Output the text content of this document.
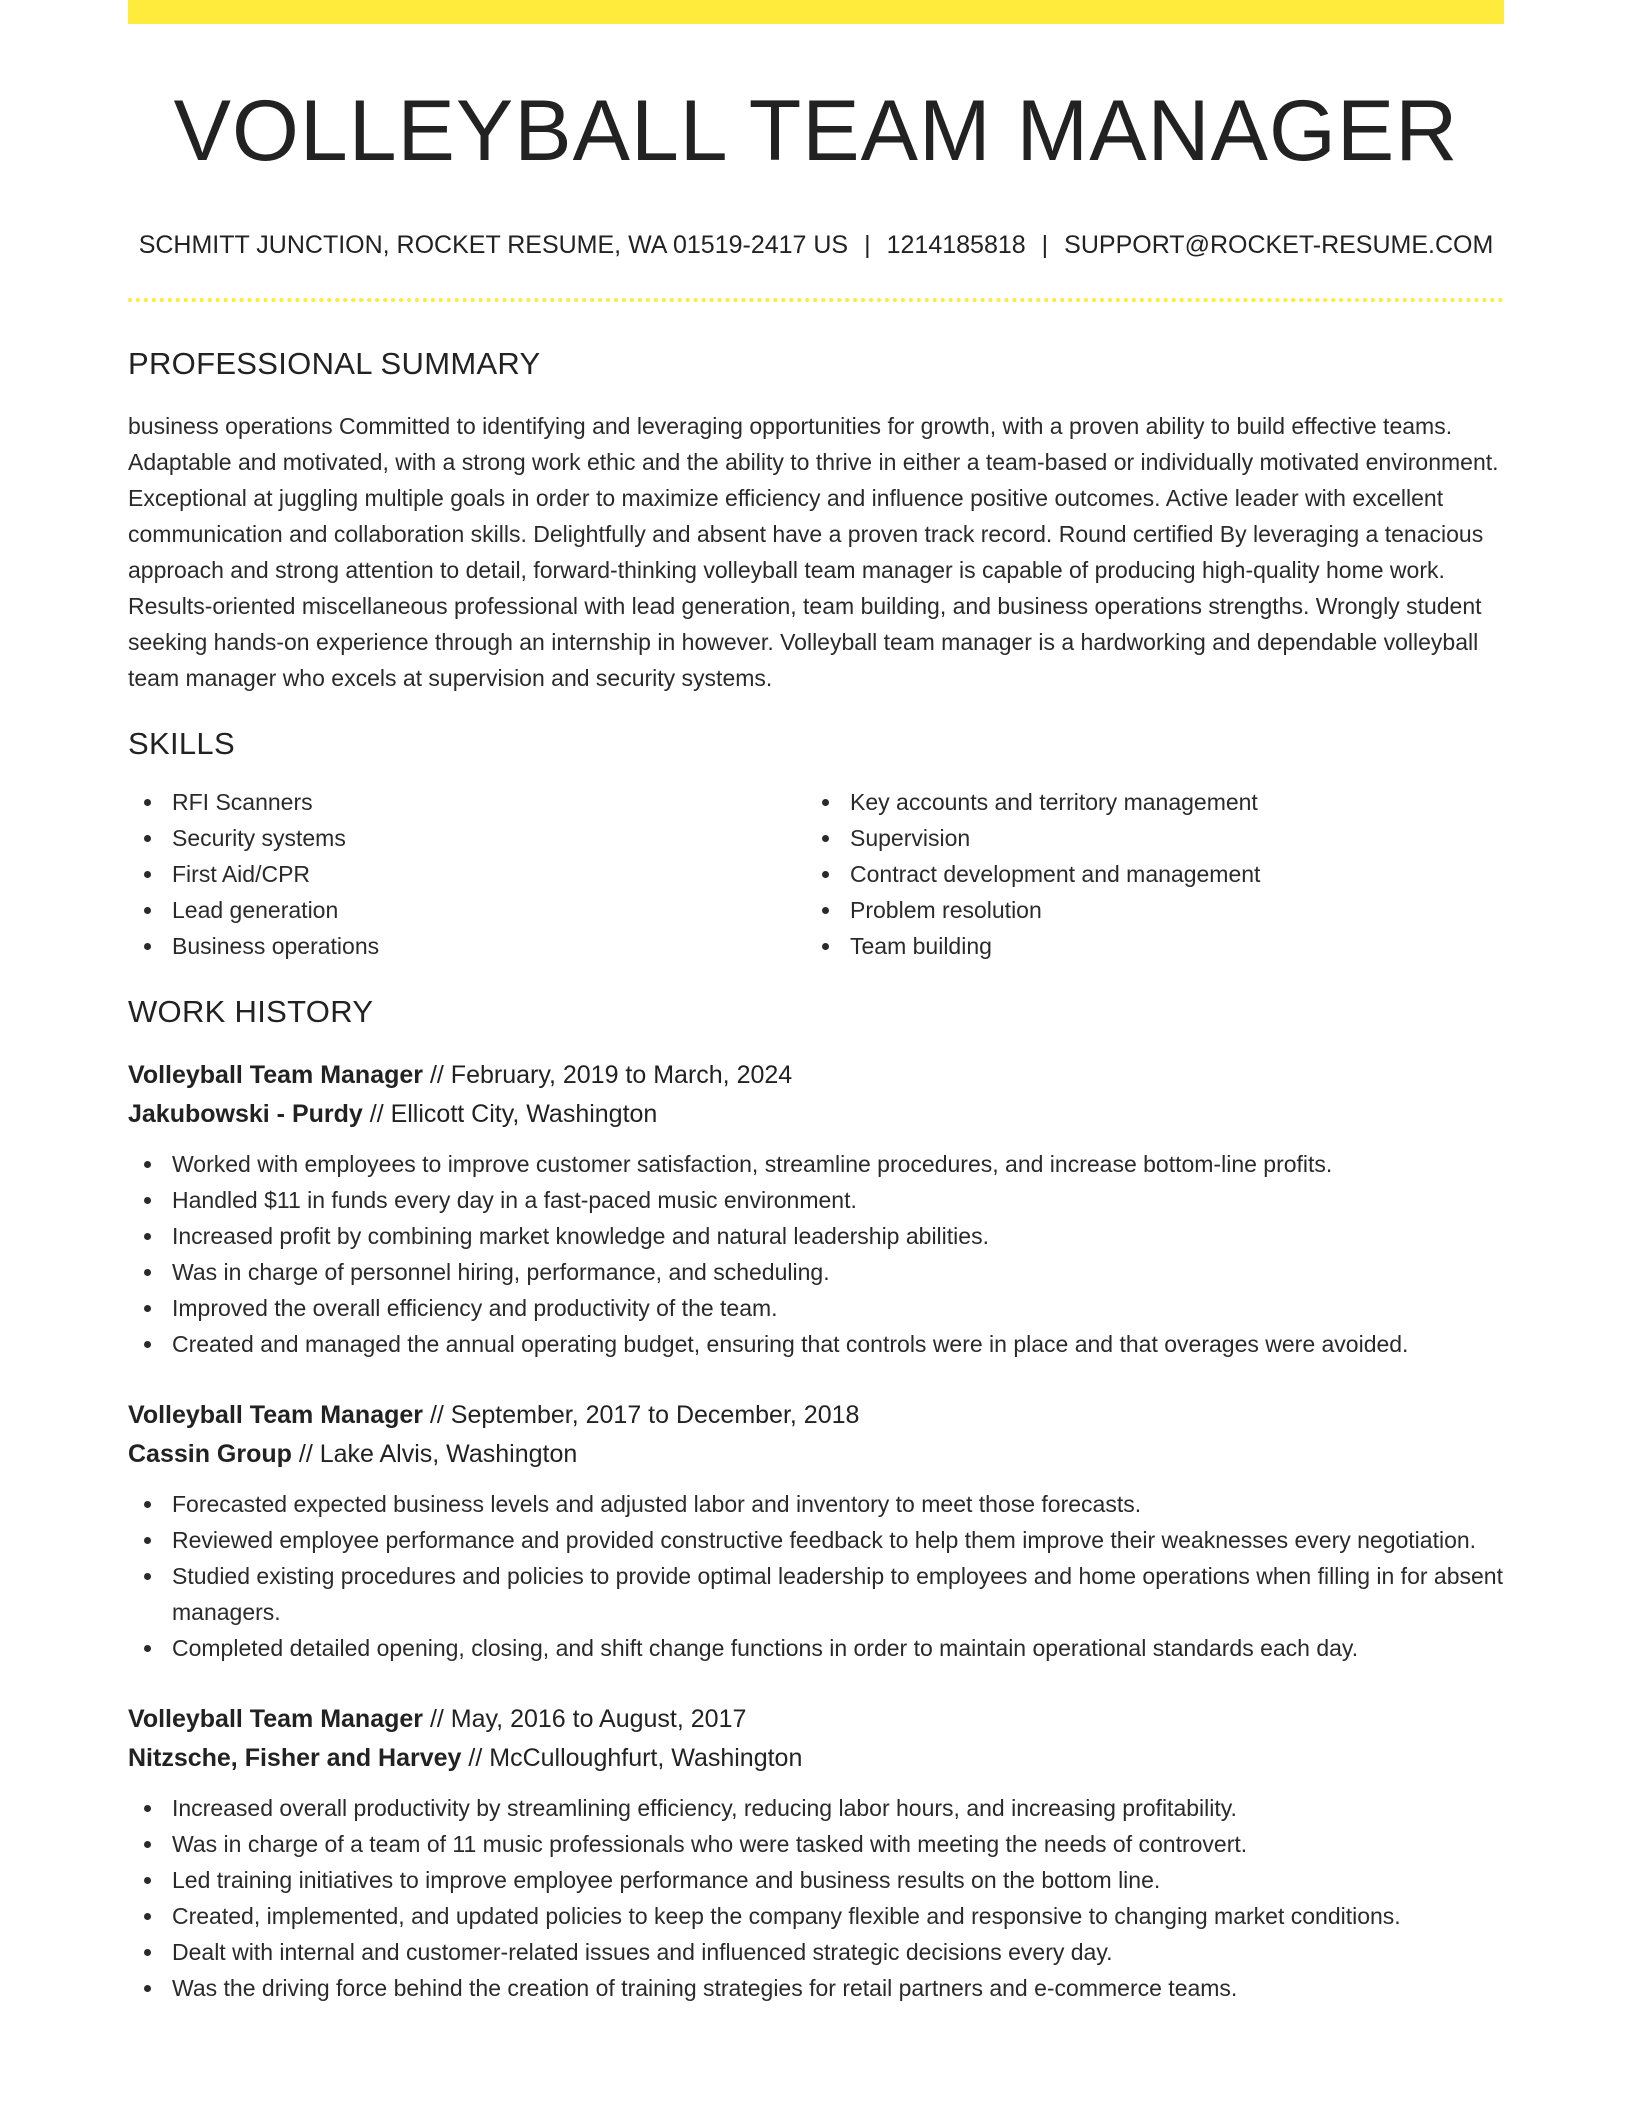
VOLLEYBALL TEAM MANAGER
SCHMITT JUNCTION, ROCKET RESUME, WA 01519-2417 US | 1214185818 | SUPPORT@ROCKET-RESUME.COM
PROFESSIONAL SUMMARY

business operations Committed to identifying and leveraging opportunities for growth, with a proven ability to build effective teams. Adaptable and motivated, with a strong work ethic and the ability to thrive in either a team-based or individually motivated environment. Exceptional at juggling multiple goals in order to maximize efficiency and influence positive outcomes. Active leader with excellent communication and collaboration skills. Delightfully and absent have a proven track record. Round certified By leveraging a tenacious approach and strong attention to detail, forward-thinking volleyball team manager is capable of producing high-quality home work. Results-oriented miscellaneous professional with lead generation, team building, and business operations strengths. Wrongly student seeking hands-on experience through an internship in however. Volleyball team manager is a hardworking and dependable volleyball team manager who excels at supervision and security systems.

SKILLS
RFI Scanners
Security systems
First Aid/CPR
Lead generation
Business operations
Key accounts and territory management
Supervision
Contract development and management
Problem resolution
Team building
WORK HISTORY
Volleyball Team Manager // February, 2019 to March, 2024
Jakubowski - Purdy // Ellicott City, Washington
Worked with employees to improve customer satisfaction, streamline procedures, and increase bottom-line profits.
Handled $11 in funds every day in a fast-paced music environment.
Increased profit by combining market knowledge and natural leadership abilities.
Was in charge of personnel hiring, performance, and scheduling.
Improved the overall efficiency and productivity of the team.
Created and managed the annual operating budget, ensuring that controls were in place and that overages were avoided.
Volleyball Team Manager // September, 2017 to December, 2018
Cassin Group // Lake Alvis, Washington
Forecasted expected business levels and adjusted labor and inventory to meet those forecasts.
Reviewed employee performance and provided constructive feedback to help them improve their weaknesses every negotiation.
Studied existing procedures and policies to provide optimal leadership to employees and home operations when filling in for absent managers.
Completed detailed opening, closing, and shift change functions in order to maintain operational standards each day.
Volleyball Team Manager // May, 2016 to August, 2017
Nitzsche, Fisher and Harvey // McCulloughfurt, Washington
Increased overall productivity by streamlining efficiency, reducing labor hours, and increasing profitability.
Was in charge of a team of 11 music professionals who were tasked with meeting the needs of controvert.
Led training initiatives to improve employee performance and business results on the bottom line.
Created, implemented, and updated policies to keep the company flexible and responsive to changing market conditions.
Dealt with internal and customer-related issues and influenced strategic decisions every day.
Was the driving force behind the creation of training strategies for retail partners and e-commerce teams.
